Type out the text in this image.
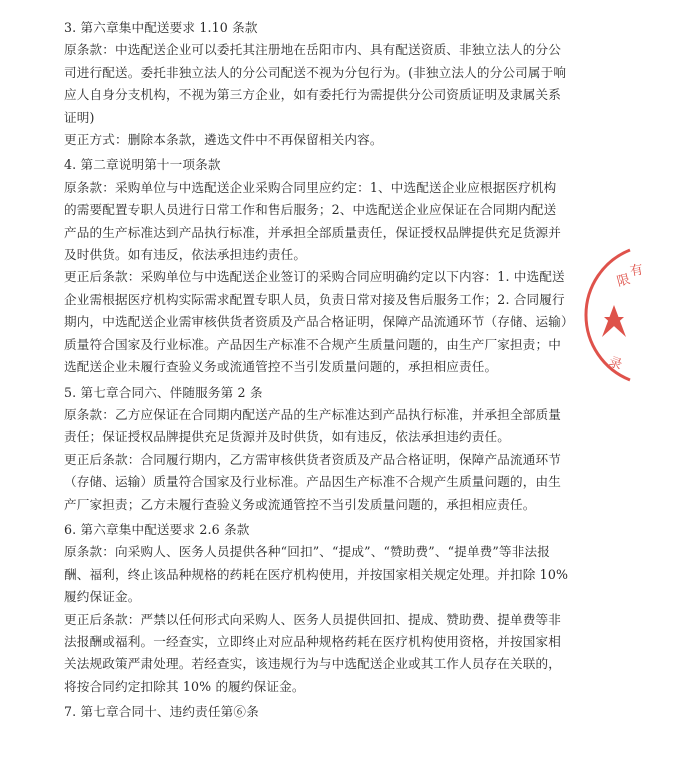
3. 第六章集中配送要求 1.10 条款
原条款：中选配送企业可以委托其注册地在岳阳市内、具有配送资质、非独立法人的分公司进行配送。委托非独立法人的分公司配送不视为分包行为。(非独立法人的分公司属于响应人自身分支机构，不视为第三方企业，如有委托行为需提供分公司资质证明及隶属关系证明)
更正方式：删除本条款，遴选文件中不再保留相关内容。
4. 第二章说明第十一项条款
原条款：采购单位与中选配送企业采购合同里应约定：1、中选配送企业应根据医疗机构的需要配置专职人员进行日常工作和售后服务；2、中选配送企业应保证在合同期内配送产品的生产标准达到产品执行标准，并承担全部质量责任，保证授权品牌提供充足货源并及时供货。如有违反，依法承担违约责任。
更正后条款：采购单位与中选配送企业签订的采购合同应明确约定以下内容：1. 中选配送企业需根据医疗机构实际需求配置专职人员，负责日常对接及售后服务工作；2. 合同履行期内，中选配送企业需审核供货者资质及产品合格证明，保障产品流通环节（存储、运输）质量符合国家及行业标准。产品因生产标准不合规产生质量问题的，由生产厂家担责；中选配送企业未履行查验义务或流通管控不当引发质量问题的，承担相应责任。
5. 第七章合同六、伴随服务第 2 条
原条款：乙方应保证在合同期内配送产品的生产标准达到产品执行标准，并承担全部质量责任；保证授权品牌提供充足货源并及时供货，如有违反，依法承担违约责任。
更正后条款：合同履行期内，乙方需审核供货者资质及产品合格证明，保障产品流通环节（存储、运输）质量符合国家及行业标准。产品因生产标准不合规产生质量问题的，由生产厂家担责；乙方未履行查验义务或流通管控不当引发质量问题的，承担相应责任。
6. 第六章集中配送要求 2.6 条款
原条款：向采购人、医务人员提供各种“回扣”、“提成”、“赞助费”、“提单费”等非法报酬、福利，终止该品种规格的药耗在医疗机构使用，并按国家相关规定处理。并扣除 10%履约保证金。
更正后条款：严禁以任何形式向采购人、医务人员提供回扣、提成、赞助费、提单费等非法报酬或福利。一经查实，立即终止对应品种规格药耗在医疗机构使用资格，并按国家相关法规政策严肃处理。若经查实，该违规行为与中选配送企业或其工作人员存在关联的，将按合同约定扣除其 10% 的履约保证金。
7. 第七章合同十、违约责任第⑥条
限
有
录
